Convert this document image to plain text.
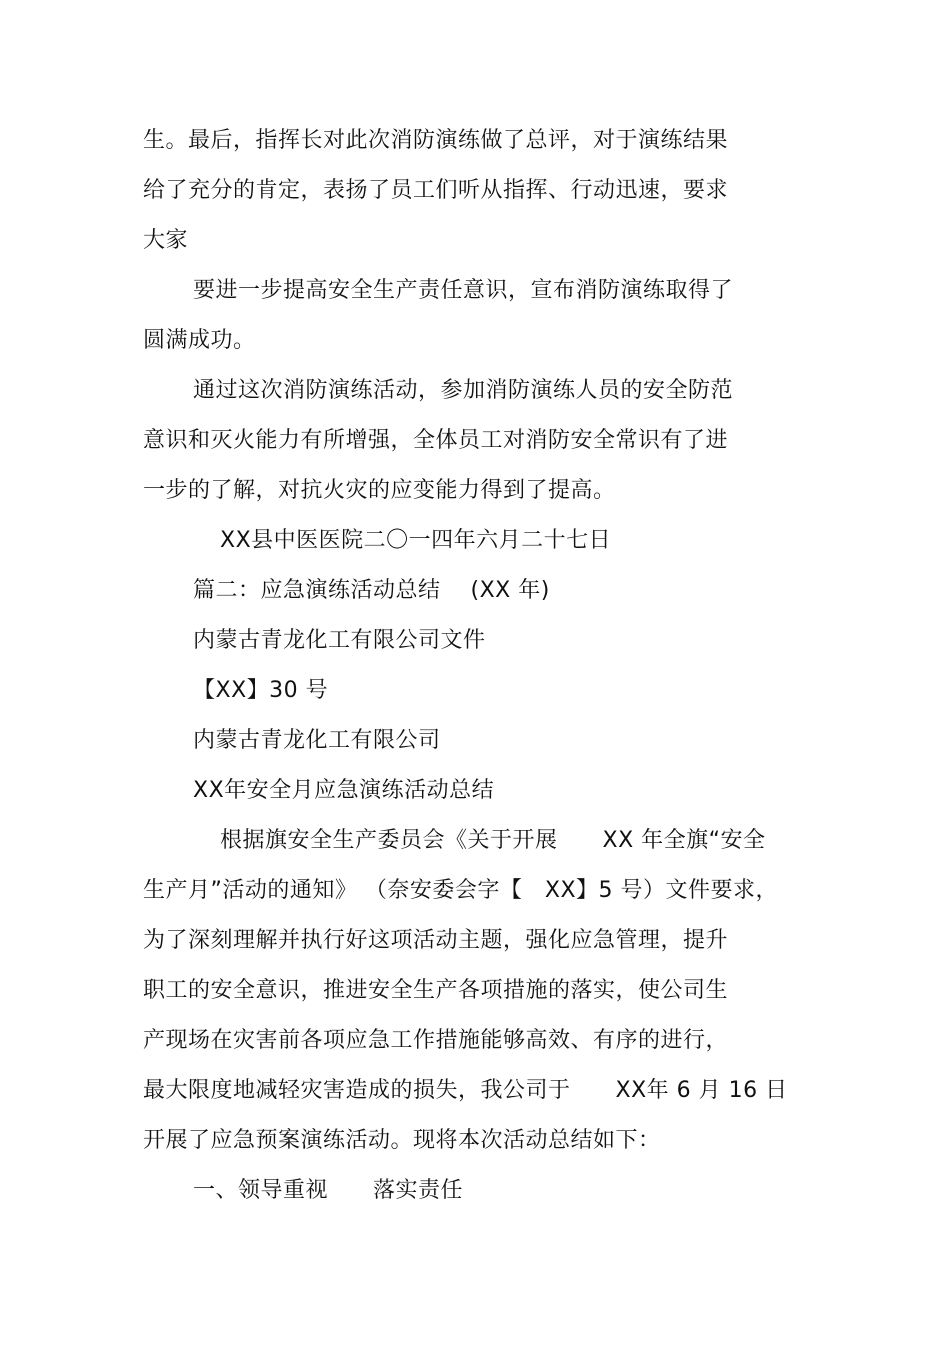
生。最后，指挥长对此次消防演练做了总评，对于演练结果
给了充分的肯定，表扬了员工们听从指挥、行动迅速，要求
大家
要进一步提高安全生产责任意识，宣布消防演练取得了
圆满成功。
通过这次消防演练活动，参加消防演练人员的安全防范
意识和灭火能力有所增强，全体员工对消防安全常识有了进
一步的了解，对抗火灾的应变能力得到了提高。
XX县中医医院二〇一四年六月二十七日
篇二：应急演练活动总结　 (XX 年)
内蒙古青龙化工有限公司文件
【XX】30 号
内蒙古青龙化工有限公司
XX年安全月应急演练活动总结
根据旗安全生产委员会《关于开展　　XX 年全旗“安全
生产月”活动的通知》 （奈安委会字【　XX】5 号）文件要求，
为了深刻理解并执行好这项活动主题，强化应急管理，提升
职工的安全意识，推进安全生产各项措施的落实，使公司生
产现场在灾害前各项应急工作措施能够高效、有序的进行，
最大限度地减轻灾害造成的损失，我公司于　　XX年 6 月 16 日
开展了应急预案演练活动。现将本次活动总结如下：
一、领导重视　　落实责任
